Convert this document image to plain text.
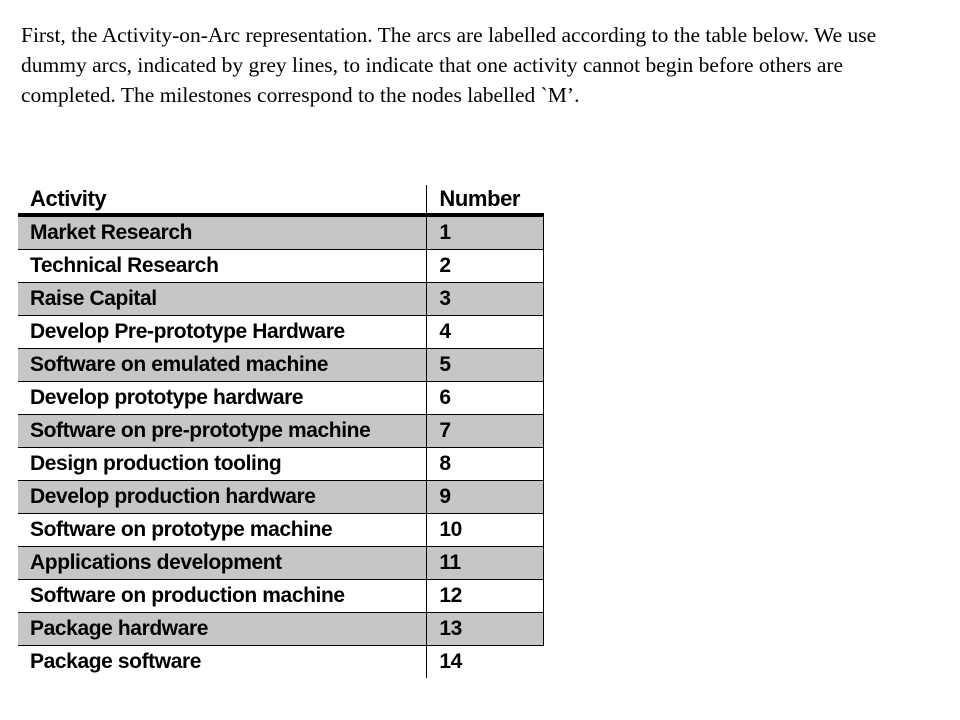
First, the Activity-on-Arc representation. The arcs are labelled according to the table below. We use dummy arcs, indicated by grey lines, to indicate that one activity cannot begin before others are completed. The milestones correspond to the nodes labelled `M’.

Activity	Number
Market Research	1
Technical Research	2
Raise Capital	3
Develop Pre-prototype Hardware	4
Software on emulated machine	5
Develop prototype hardware	6
Software on pre-prototype machine	7
Design production tooling	8
Develop production hardware	9
Software on prototype machine	10
Applications development	11
Software on production machine	12
Package hardware	13
Package software	14
